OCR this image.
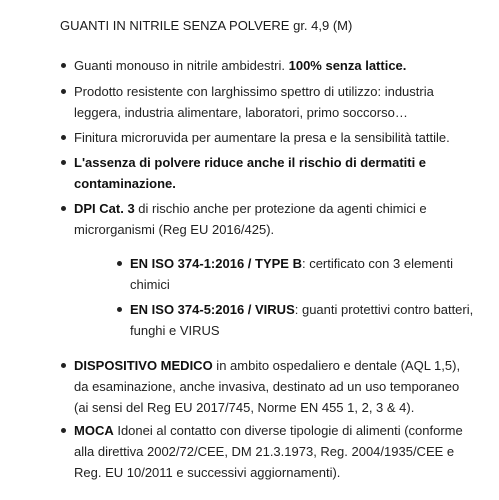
GUANTI IN NITRILE SENZA POLVERE gr. 4,9 (M)
Guanti monouso in nitrile ambidestri. 100% senza lattice.
Prodotto resistente con larghissimo spettro di utilizzo: industria leggera, industria alimentare, laboratori, primo soccorso…
Finitura microruvida per aumentare la presa e la sensibilità tattile.
L'assenza di polvere riduce anche il rischio di dermatiti e contaminazione.
DPI Cat. 3 di rischio anche per protezione da agenti chimici e microrganismi (Reg EU 2016/425).
EN ISO 374-1:2016 / TYPE B: certificato con 3 elementi chimici
EN ISO 374-5:2016 / VIRUS: guanti protettivi contro batteri, funghi e VIRUS
DISPOSITIVO MEDICO in ambito ospedaliero e dentale (AQL 1,5), da esaminazione, anche invasiva, destinato ad un uso temporaneo (ai sensi del Reg EU 2017/745, Norme EN 455 1, 2, 3 & 4).
MOCA Idonei al contatto con diverse tipologie di alimenti (conforme alla direttiva 2002/72/CEE, DM 21.3.1973, Reg. 2004/1935/CEE e Reg. EU 10/2011 e successivi aggiornamenti).
